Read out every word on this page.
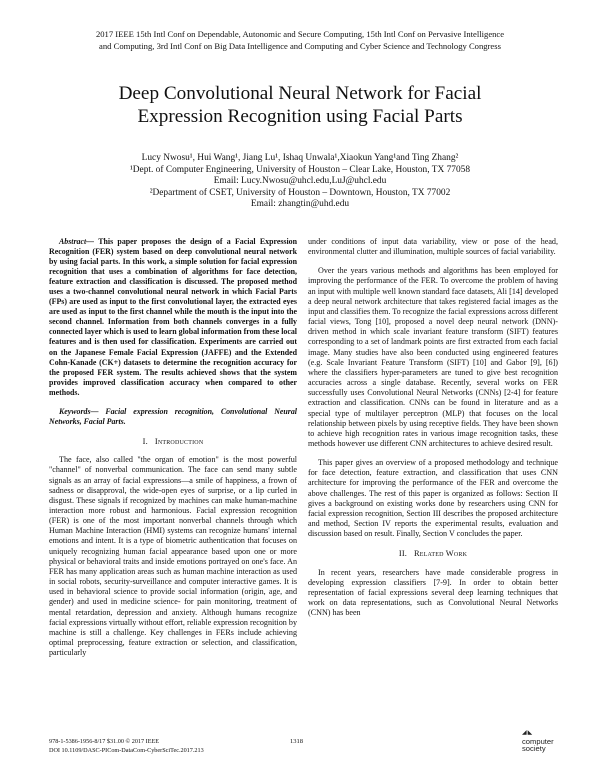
2017 IEEE 15th Intl Conf on Dependable, Autonomic and Secure Computing, 15th Intl Conf on Pervasive Intelligence
and Computing, 3rd Intl Conf on Big Data Intelligence and Computing and Cyber Science and Technology Congress
Deep Convolutional Neural Network for Facial
Expression Recognition using Facial Parts
Lucy Nwosu¹, Hui Wang¹, Jiang Lu¹, Ishaq Unwala¹,Xiaokun Yang¹and Ting Zhang²
¹Dept. of Computer Engineering, University of Houston – Clear Lake, Houston, TX 77058
Email: Lucy.Nwosu@uhcl.edu,LuJ@uhcl.edu
²Department of CSET, University of Houston – Downtown, Houston, TX 77002
Email: zhangtin@uhd.edu

Abstract— This paper proposes the design of a Facial Expression Recognition (FER) system based on deep convolutional neural network by using facial parts. In this work, a simple solution for facial expression recognition that uses a combination of algorithms for face detection, feature extraction and classification is discussed. The proposed method uses a two-channel convolutional neural network in which Facial Parts (FPs) are used as input to the first convolutional layer, the extracted eyes are used as input to the first channel while the mouth is the input into the second channel. Information from both channels converges in a fully connected layer which is used to learn global information from these local features and is then used for classification. Experiments are carried out on the Japanese Female Facial Expression (JAFFE) and the Extended Cohn-Kanade (CK+) datasets to determine the recognition accuracy for the proposed FER system. The results achieved shows that the system provides improved classification accuracy when compared to other methods.

Keywords— Facial expression recognition, Convolutional Neural Networks, Facial Parts.

I. Introduction

The face, also called "the organ of emotion" is the most powerful "channel" of nonverbal communication. The face can send many subtle signals as an array of facial expressions—a smile of happiness, a frown of sadness or disapproval, the wide-open eyes of surprise, or a lip curled in disgust. These signals if recognized by machines can make human-machine interaction more robust and harmonious. Facial expression recognition (FER) is one of the most important nonverbal channels through which Human Machine Interaction (HMI) systems can recognize humans' internal emotions and intent. It is a type of biometric authentication that focuses on uniquely recognizing human facial appearance based upon one or more physical or behavioral traits and inside emotions portrayed on one's face. An FER has many application areas such as human machine interaction as used in social robots, security-surveillance and computer interactive games. It is used in behavioral science to provide social information (origin, age, and gender) and used in medicine science- for pain monitoring, treatment of mental retardation, depression and anxiety. Although humans recognize facial expressions virtually without effort, reliable expression recognition by machine is still a challenge. Key challenges in FERs include achieving optimal preprocessing, feature extraction or selection, and classification, particularly

under conditions of input data variability, view or pose of the head, environmental clutter and illumination, multiple sources of facial variability.

Over the years various methods and algorithms has been employed for improving the performance of the FER. To overcome the problem of having an input with multiple well known standard face datasets, Ali [14] developed a deep neural network architecture that takes registered facial images as the input and classifies them. To recognize the facial expressions across different facial views, Tong [10], proposed a novel deep neural network (DNN)- driven method in which scale invariant feature transform (SIFT) features corresponding to a set of landmark points are first extracted from each facial image. Many studies have also been conducted using engineered features (e.g. Scale Invariant Feature Transform (SIFT) [10] and Gabor [9], [6]) where the classifiers hyper-parameters are tuned to give best recognition accuracies across a single database. Recently, several works on FER successfully uses Convolutional Neural Networks (CNNs) [2-4] for feature extraction and classification. CNNs can be found in literature and as a special type of multilayer perceptron (MLP) that focuses on the local relationship between pixels by using receptive fields. They have been shown to achieve high recognition rates in various image recognition tasks, these methods however use different CNN architectures to achieve desired result.

This paper gives an overview of a proposed methodology and technique for face detection, feature extraction, and classification that uses CNN architecture for improving the performance of the FER and overcome the above challenges. The rest of this paper is organized as follows: Section II gives a background on existing works done by researchers using CNN for facial expression recognition, Section III describes the proposed architecture and method, Section IV reports the experimental results, evaluation and discussion based on result. Finally, Section V concludes the paper.

II. Related Work

In recent years, researchers have made considerable progress in developing expression classifiers [7-9]. In order to obtain better representation of facial expressions several deep learning techniques that work on data representations, such as Convolutional Neural Networks (CNN) has been

978-1-5386-1956-8/17 $31.00 © 2017 IEEE
DOI 10.1109/DASC-PICom-DataCom-CyberSciTec.2017.213
1318
◢◣
computer
society
